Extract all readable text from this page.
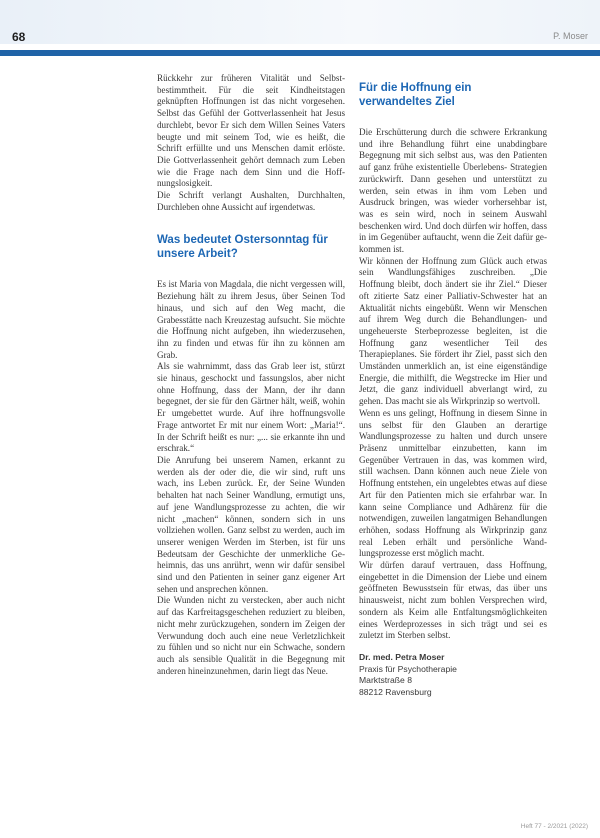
68	P. Moser

Rückkehr zur früheren Vitalität und Selbstbestimmtheit. Für die seit Kindheitstagen geknüpften Hoffnungen ist das nicht vorgesehen. Selbst das Gefühl der Gottverlassenheit hat Jesus durchlebt, bevor Er sich dem Willen Seines Vaters beugte und mit seinem Tod, wie es heißt, die Schrift erfüllte und uns Menschen damit erlöste. Die Gottverlassenheit gehört demnach zum Leben wie die Frage nach dem Sinn und die Hoffnungslosigkeit.

Die Schrift verlangt Aushalten, Durchhalten, Durchleben ohne Aussicht auf irgendetwas.

Was bedeutet Ostersonntag für unsere Arbeit?

Es ist Maria von Magdala, die nicht vergessen will, Beziehung hält zu ihrem Jesus, über Seinen Tod hinaus, und sich auf den Weg macht, die Grabesstätte nach Kreuzestag aufsucht. Sie möchte die Hoffnung nicht aufgeben, ihn wiederzusehen, ihn zu finden und etwas für ihn zu können am Grab.

Als sie wahrnimmt, dass das Grab leer ist, stürzt sie hinaus, geschockt und fassungslos, aber nicht ohne Hoffnung, dass der Mann, der ihr dann begegnet, der sie für den Gärtner hält, weiß, wohin Er umgebettet wurde. Auf ihre hoffnungsvolle Frage antwortet Er mit nur einem Wort: „Maria!“. In der Schrift heißt es nur: „... sie erkannte ihn und erschrak.“

Die Anrufung bei unserem Namen, erkannt zu werden als der oder die, die wir sind, ruft uns wach, ins Leben zurück. Er, der Seine Wunden behalten hat nach Seiner Wandlung, ermutigt uns, auf jene Wandlungsprozesse zu achten, die wir nicht „machen“ können, sondern sich in uns vollziehen wollen. Ganz selbst zu werden, auch im unserer wenigen Werden im Sterben, ist für uns Bedeutsam der Geschichte der unmerkliche Geheimnis, das uns anrührt, wenn wir dafür sensibel sind und den Patienten in seiner ganz eigener Art sehen und ansprechen können.

Die Wunden nicht zu verstecken, aber auch nicht auf das Karfreitagsgeschehen reduziert zu bleiben, nicht mehr zurückzugehen, sondern im Zeigen der Verwundung doch auch eine neue Verletzlichkeit zu fühlen und so nicht nur ein Schwache, sondern auch als sensible Qualität in die Begegnung mit anderen hineinzunehmen, darin liegt das Neue.

Für die Hoffnung ein verwandeltes Ziel

Die Erschütterung durch die schwere Erkrankung und ihre Behandlung führt eine unabdingbare Begegnung mit sich selbst aus, was den Patienten auf ganz frühe existentielle Überlebens- Strategien zurückwirft. Dann gesehen und unterstützt zu werden, sein etwas in ihm vom Leben und Ausdruck bringen, was wieder vorhersehbar ist, was es sein wird, noch in seinem Auswahl beschenken wird. Und doch dürfen wir hoffen, dass in im Gegenüber auftaucht, wenn die Zeit dafür gekommen ist.

Wir können der Hoffnung zum Glück auch etwas sein Wandlungsfähiges zuschreiben. „Die Hoffnung bleibt, doch ändert sie ihr Ziel.“ Dieser oft zitierte Satz einer Palliativ-Schwester hat an Aktualität nichts eingebüßt. Wenn wir Menschen auf ihrem Weg durch die Behandlungen- und ungeheuerste Sterbeprozesse begleiten, ist die Hoffnung ganz wesentlicher Teil des Therapieplanes. Sie fördert ihr Ziel, passt sich den Umständen unmerklich an, ist eine eigenständige Energie, die mithilft, die Wegstrecke im Hier und Jetzt, die ganz individuell abverlangt wird, zu gehen. Das macht sie als Wirkprinzip so wertvoll.

Wenn es uns gelingt, Hoffnung in diesem Sinne in uns selbst für den Glauben an derartige Wandlungsprozesse zu halten und durch unsere Präsenz unmittelbar einzubetten, kann im Gegenüber Vertrauen in das, was kommen wird, still wachsen. Dann können auch neue Ziele von Hoffnung entstehen, ein ungelebtes etwas auf diese Art für den Patienten mich sie erfahrbar war. In kann seine Compliance und Adhärenz für die notwendigen, zuweilen langatmigen Behandlungen erhöhen, sodass Hoffnung als Wirkprinzip ganz real Leben erhält und persönliche Wandlungsprozesse erst möglich macht.

Wir dürfen darauf vertrauen, dass Hoffnung, eingebettet in die Dimension der Liebe und einem geöffneten Bewusstsein für etwas, das über uns hinausweist, nicht zum bohlen Versprechen wird, sondern als Keim alle Entfaltungsmöglichkeiten eines Werdeprozesses in sich trägt und sei es zuletzt im Sterben selbst.

Dr. med. Petra Moser
Praxis für Psychotherapie
Marktstraße 8
88212 Ravensburg
Heft 77 - 2/2021 (2022)
